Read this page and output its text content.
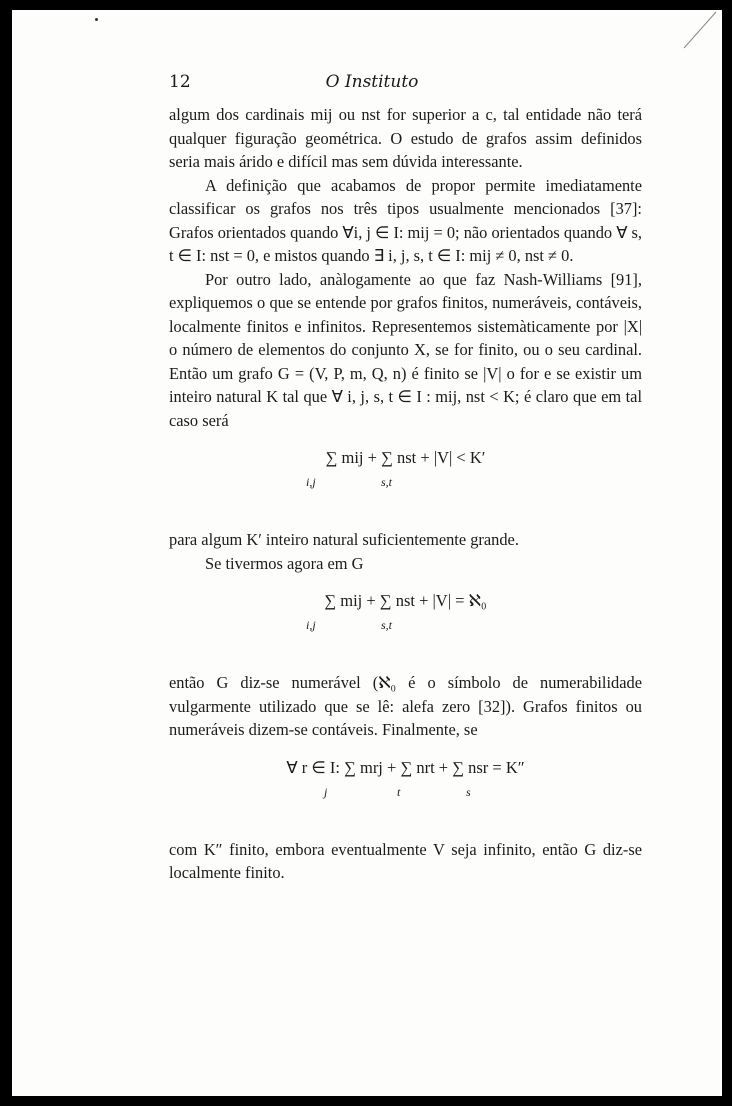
12	O Instituto

algum dos cardinais mij ou nst for superior a c, tal entidade não terá qualquer figuração geométrica. O estudo de grafos assim definidos seria mais árido e difícil mas sem dúvida interessante.

A definição que acabamos de propor permite imediatamente classificar os grafos nos três tipos usualmente mencionados [37]: Grafos orientados quando ∀i, j ∈ I: mij = 0; não orientados quando ∀ s, t ∈ I: nst = 0, e mistos quando ∃ i, j, s, t ∈ I: mij ≠ 0, nst ≠ 0.

Por outro lado, anàlogamente ao que faz Nash-Williams [91], expliquemos o que se entende por grafos finitos, numeráveis, contáveis, localmente finitos e infinitos. Representemos sistemàticamente por |X| o número de elementos do conjunto X, se for finito, ou o seu cardinal. Então um grafo G = (V, P, m, Q, n) é finito se |V| o for e se existir um inteiro natural K tal que ∀ i, j, s, t ∈ I : mij, nst < K; é claro que em tal caso será

∑ mij + ∑ nst + |V| < K′
i,j	s,t

para algum K′ inteiro natural suficientemente grande.

Se tivermos agora em G

∑ mij + ∑ nst + |V| = ℵ₀
i,j	s,t

então G diz-se numerável (ℵ₀ é o símbolo de numerabilidade vulgarmente utilizado que se lê: alefa zero [32]). Grafos finitos ou numeráveis dizem-se contáveis. Finalmente, se

∀ r ∈ I: ∑ mrj + ∑ nrt + ∑ nsr = K″
j	t	s

com K″ finito, embora eventualmente V seja infinito, então G diz-se localmente finito.
